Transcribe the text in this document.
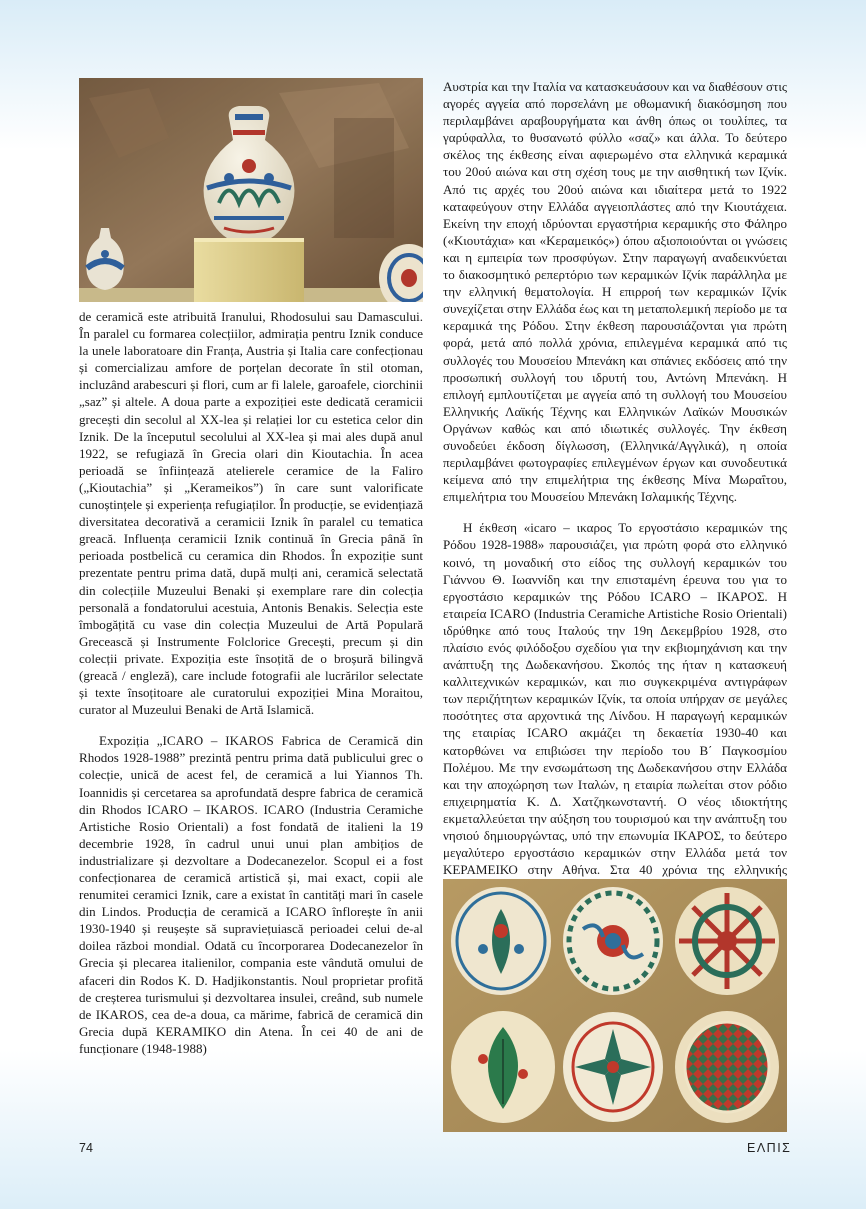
de ceramică este atribuită Iranului, Rhodosului sau Damascului. În paralel cu formarea colecțiilor, admirația pentru Iznik conduce la unele laboratoare din Franța, Austria și Italia care confecționau și comercializau amfore de porțelan decorate în stil otoman, incluzând arabescuri și flori, cum ar fi lalele, garoafele, ciorchinii „saz” și altele. A doua parte a expoziției este dedicată ceramicii grecești din secolul al XX-lea și relației lor cu estetica celor din Iznik. De la începutul secolului al XX-lea și mai ales după anul 1922, se refugiază în Grecia olari din Kioutachia. În acea perioadă se înființează atelierele ceramice de la Faliro („Kioutachia” și „Kerameikos”) în care sunt valorificate cunoștințele și experiența refugiaților. În producție, se evidențiază diversitatea decorativă a ceramicii Iznik în paralel cu tematica greacă. Influența ceramicii Iznik continuă în Grecia până în perioada postbelică cu ceramica din Rhodos. În expoziție sunt prezentate pentru prima dată, după mulți ani, ceramică selectată din colecțiile Muzeului Benaki și exemplare rare din colecția personală a fondatorului acestuia, Antonis Benakis. Selecția este îmbogățită cu vase din colecția Muzeului de Artă Populară Grecească și Instrumente Folclorice Grecești, precum și din colecții private. Expoziția este însoțită de o broșură bilingvă (greacă / engleză), care include fotografii ale lucrărilor selectate și texte însoțitoare ale curatorului expoziției Mina Moraitou, curator al Muzeului Benaki de Artă Islamică.

Expoziția „ICARO – IKAROS Fabrica de Ceramică din Rhodos 1928-1988” prezintă pentru prima dată publicului grec o colecție, unică de acest fel, de ceramică a lui Yiannos Th. Ioannidis și cercetarea sa aprofundată despre fabrica de ceramică din Rhodos ICARO – IKAROS. ICARO (Industria Ceramiche Artistiche Rosio Orientali) a fost fondată de italieni la 19 decembrie 1928, în cadrul unui unui plan ambițios de industrializare și dezvoltare a Dodecanezelor. Scopul ei a fost confecționarea de ceramică artistică și, mai exact, copii ale renumitei ceramici Iznik, care a existat în cantități mari în casele din Lindos. Producția de ceramică a ICARO înflorește în anii 1930-1940 și reușește să supraviețuiască perioadei celui de-al doilea război mondial. Odată cu încorporarea Dodecanezelor în Grecia și plecarea italienilor, compania este vândută omului de afaceri din Rodos K. D. Hadjikonstantis. Noul proprietar profită de creșterea turismului și dezvoltarea insulei, creând, sub numele de IKAROS, cea de-a doua, ca mărime, fabrică de ceramică din Grecia după KERAMIKO din Atena. În cei 40 de ani de funcționare (1948-1988)

Αυστρία και την Ιταλία να κατασκευάσουν και να διαθέσουν στις αγορές αγγεία από πορσελάνη με οθωμανική διακόσμηση που περιλαμβάνει αραβουργήματα και άνθη όπως οι τουλίπες, τα γαρύφαλλα, το θυσανωτό φύλλο «σαζ» και άλλα. Το δεύτερο σκέλος της έκθεσης είναι αφιερωμένο στα ελληνικά κεραμικά του 20ού αιώνα και στη σχέση τους με την αισθητική των Ιζνίκ. Από τις αρχές του 20ού αιώνα και ιδιαίτερα μετά το 1922 καταφεύγουν στην Ελλάδα αγγειοπλάστες από την Κιουτάχεια. Εκείνη την εποχή ιδρύονται εργαστήρια κεραμικής στο Φάληρο («Κιουτάχια» και «Κεραμεικός») όπου αξιοποιούνται οι γνώσεις και η εμπειρία των προσφύγων. Στην παραγωγή αναδεικνύεται το διακοσμητικό ρεπερτόριο των κεραμικών Ιζνίκ παράλληλα με την ελληνική θεματολογία. Η επιρροή των κεραμικών Ιζνίκ συνεχίζεται στην Ελλάδα έως και τη μεταπολεμική περίοδο με τα κεραμικά της Ρόδου. Στην έκθεση παρουσιάζονται για πρώτη φορά, μετά από πολλά χρόνια, επιλεγμένα κεραμικά από τις συλλογές του Μουσείου Μπενάκη και σπάνιες εκδόσεις από την προσωπική συλλογή του ιδρυτή του, Αντώνη Μπενάκη. Η επιλογή εμπλουτίζεται με αγγεία από τη συλλογή του Μουσείου Ελληνικής Λαϊκής Τέχνης και Ελληνικών Λαϊκών Μουσικών Οργάνων καθώς και από ιδιωτικές συλλογές. Την έκθεση συνοδεύει έκδοση δίγλωσση, (Ελληνικά/Αγγλικά), η οποία περιλαμβάνει φωτογραφίες επιλεγμένων έργων και συνοδευτικά κείμενα από την επιμελήτρια της έκθεσης Μίνα Μωραΐτου, επιμελήτρια του Μουσείου Μπενάκη Ισλαμικής Τέχνης.

Η έκθεση «icaro – ικαρος Το εργοστάσιο κεραμικών της Ρόδου 1928-1988» παρουσιάζει, για πρώτη φορά στο ελληνικό κοινό, τη μοναδική στο είδος της συλλογή κεραμικών του Γιάννου Θ. Ιωαννίδη και την επισταμένη έρευνα του για το εργοστάσιο κεραμικών της Ρόδου ICARO – ΙΚΑΡΟΣ. Η εταιρεία ICARO (Industria Ceramiche Artistiche Rosio Orientali) ιδρύθηκε από τους Ιταλούς την 19η Δεκεμβρίου 1928, στο πλαίσιο ενός φιλόδοξου σχεδίου για την εκβιομηχάνιση και την ανάπτυξη της Δωδεκανήσου. Σκοπός της ήταν η κατασκευή καλλιτεχνικών κεραμικών, και πιο συγκεκριμένα αντιγράφων των περιζήτητων κεραμικών Ιζνίκ, τα οποία υπήρχαν σε μεγάλες ποσότητες στα αρχοντικά της Λίνδου. Η παραγωγή κεραμικών της εταιρίας ICARO ακμάζει τη δεκαετία 1930-40 και κατορθώνει να επιβιώσει την περίοδο του Β΄ Παγκοσμίου Πολέμου. Με την ενσωμάτωση της Δωδεκανήσου στην Ελλάδα και την αποχώρηση των Ιταλών, η εταιρία πωλείται στον ρόδιο επιχειρηματία Κ. Δ. Χατζηκωνσταντή. Ο νέος ιδιοκτήτης εκμεταλλεύεται την αύξηση του τουρισμού και την ανάπτυξη του νησιού δημιουργώντας, υπό την επωνυμία ΙΚΑΡΟΣ, το δεύτερο μεγαλύτερο εργοστάσιο κεραμικών στην Ελλάδα μετά τον ΚΕΡΑΜΕΙΚΟ στην Αθήνα. Στα 40 χρόνια της ελληνικής

74	ΕΛΠΙΣ
